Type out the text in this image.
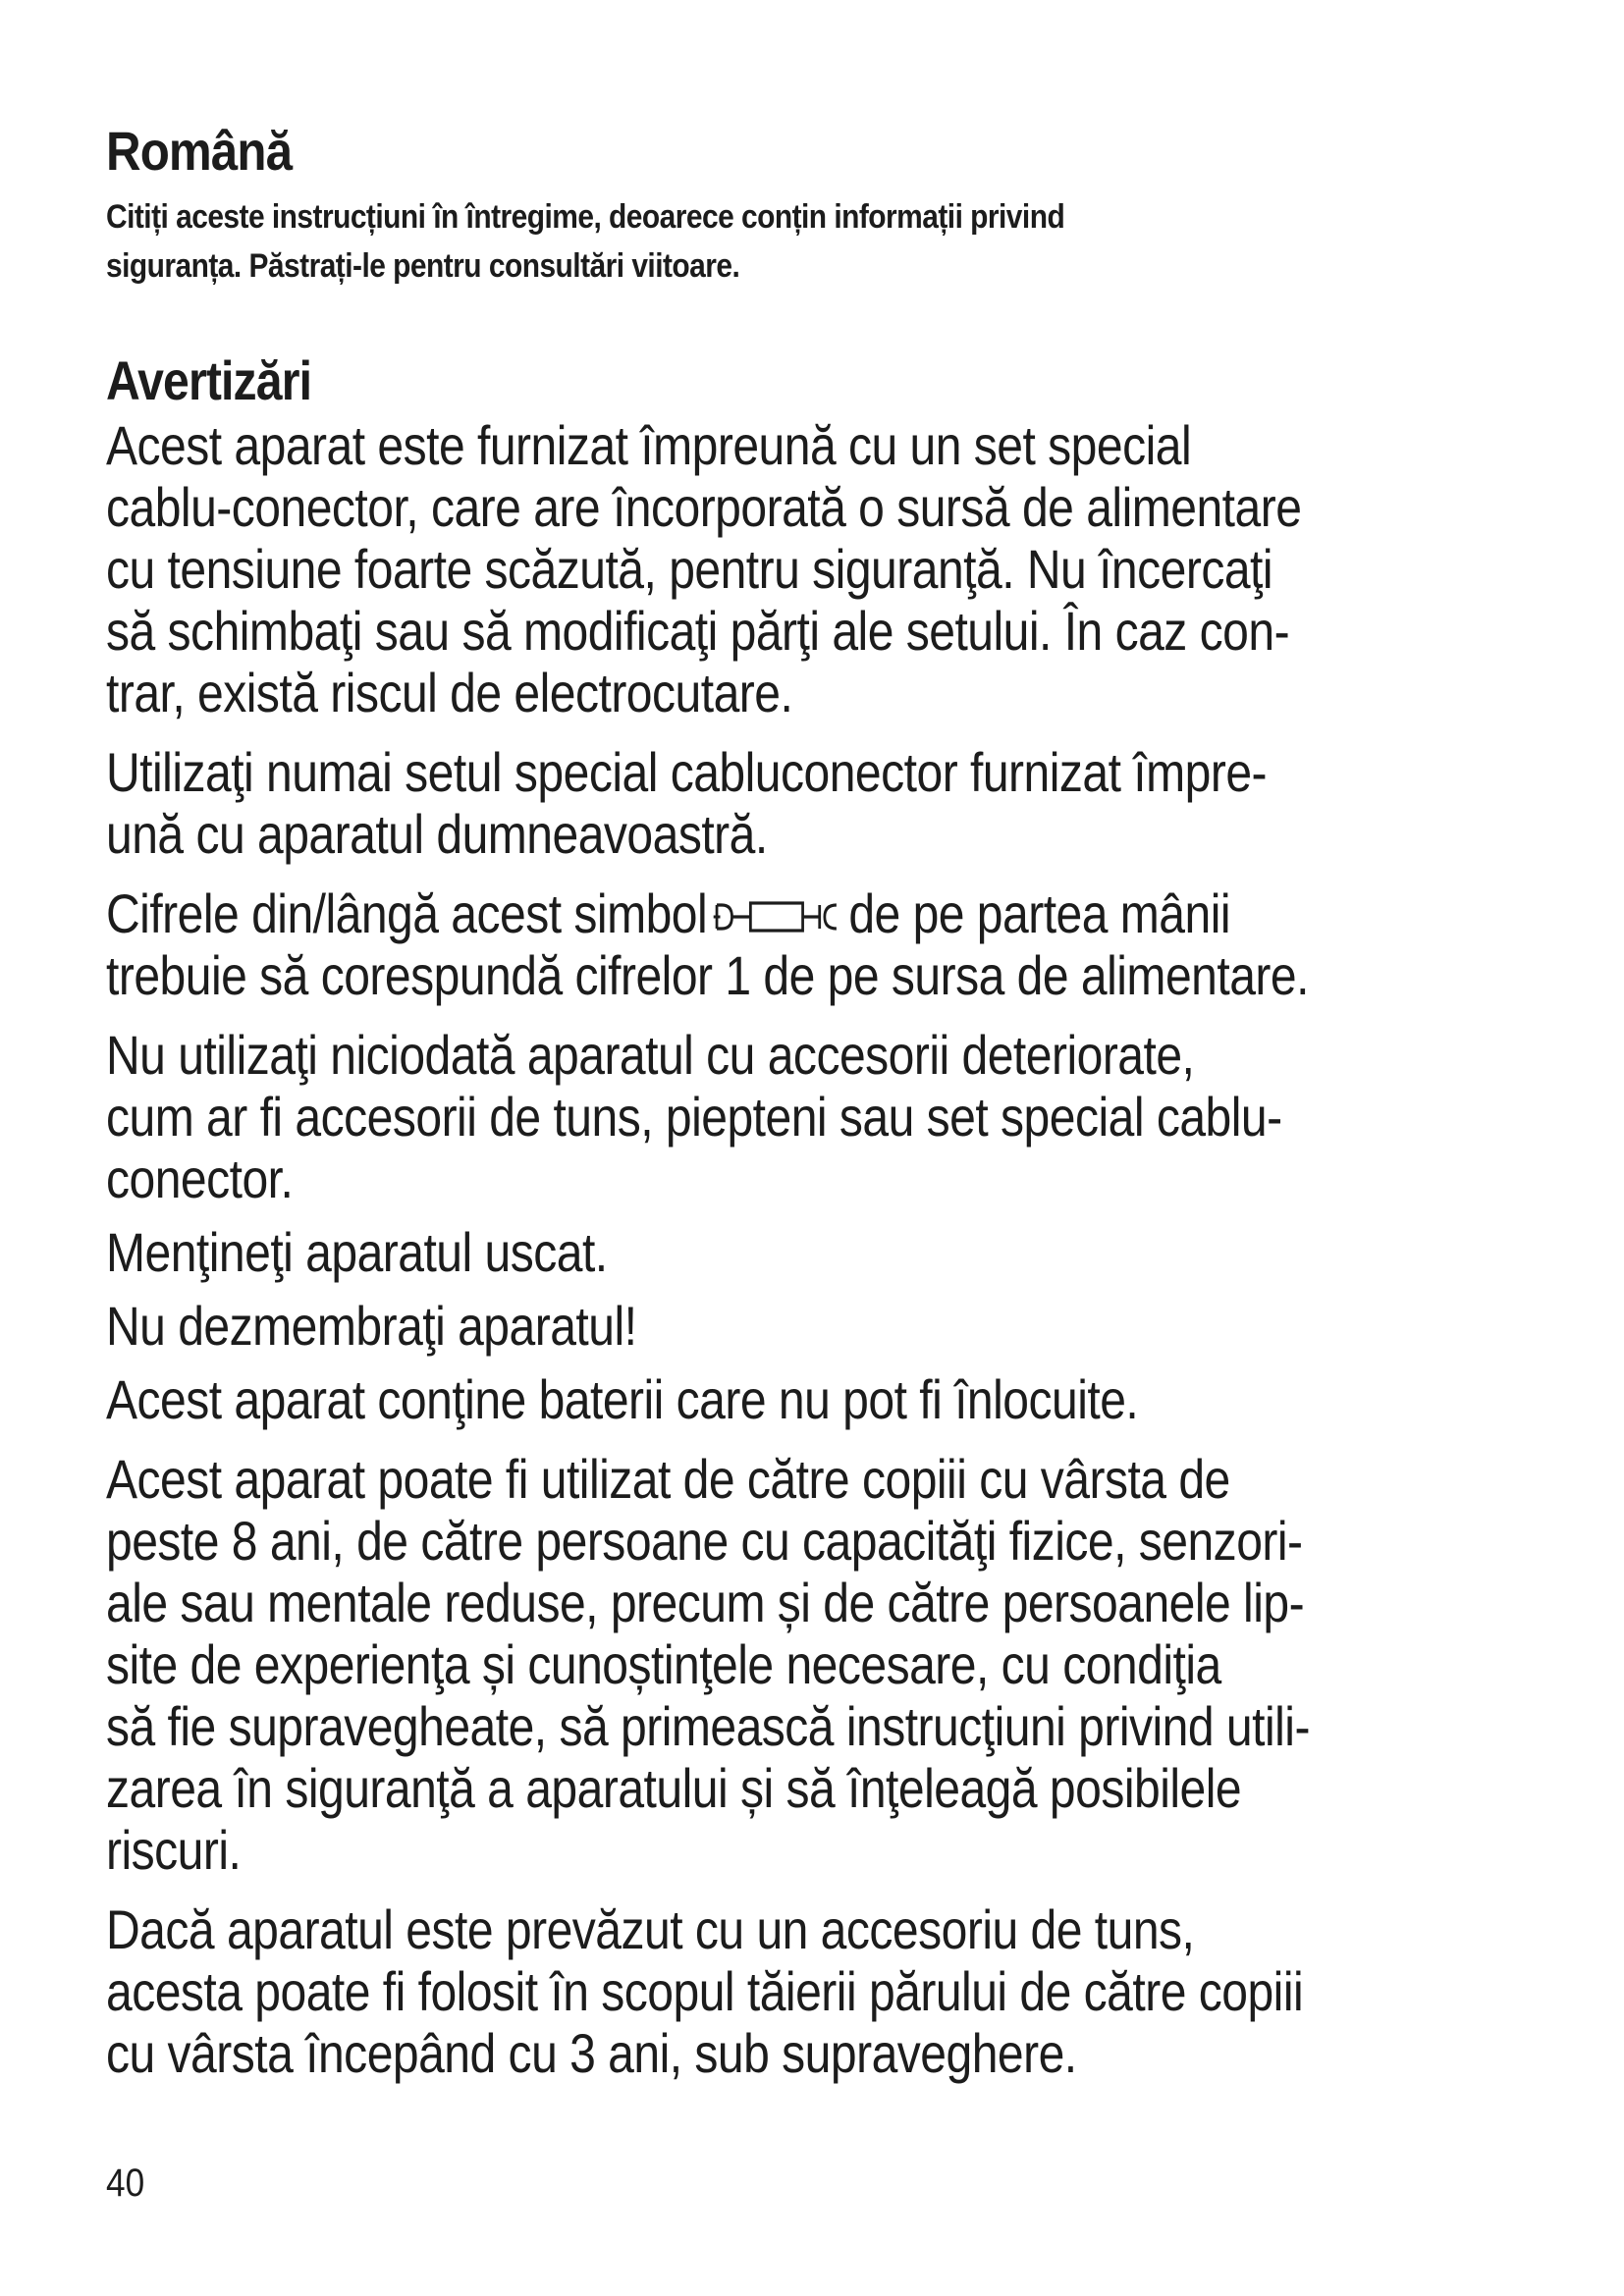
Română
Citiți aceste instrucțiuni în întregime, deoarece conțin informații privind
siguranța. Păstrați-le pentru consultări viitoare.
Avertizări

Acest aparat este furnizat împreună cu un set special
cablu-conector, care are încorporată o sursă de alimentare
cu tensiune foarte scăzută, pentru siguranţă. Nu încercaţi
să schimbaţi sau să modificaţi părţi ale setului. În caz con-
trar, există riscul de electrocutare.

Utilizaţi numai setul special cabluconector furnizat împre-
ună cu aparatul dumneavoastră.

Cifrele din/lângă acest simbol	de pe partea mânii
trebuie să corespundă cifrelor 1 de pe sursa de alimentare.

Nu utilizaţi niciodată aparatul cu accesorii deteriorate,
cum ar fi accesorii de tuns, piepteni sau set special cablu-
conector.

Menţineţi aparatul uscat.

Nu dezmembraţi aparatul!

Acest aparat conţine baterii care nu pot fi înlocuite.

Acest aparat poate fi utilizat de către copiii cu vârsta de
peste 8 ani, de către persoane cu capacităţi fizice, senzori-
ale sau mentale reduse, precum și de către persoanele lip-
site de experienţa și cunoștinţele necesare, cu condiţia
să fie supravegheate, să primească instrucţiuni privind utili-
zarea în siguranţă a aparatului și să înţeleagă posibilele
riscuri.

Dacă aparatul este prevăzut cu un accesoriu de tuns,
acesta poate fi folosit în scopul tăierii părului de către copiii
cu vârsta începând cu 3 ani, sub supraveghere.

40
